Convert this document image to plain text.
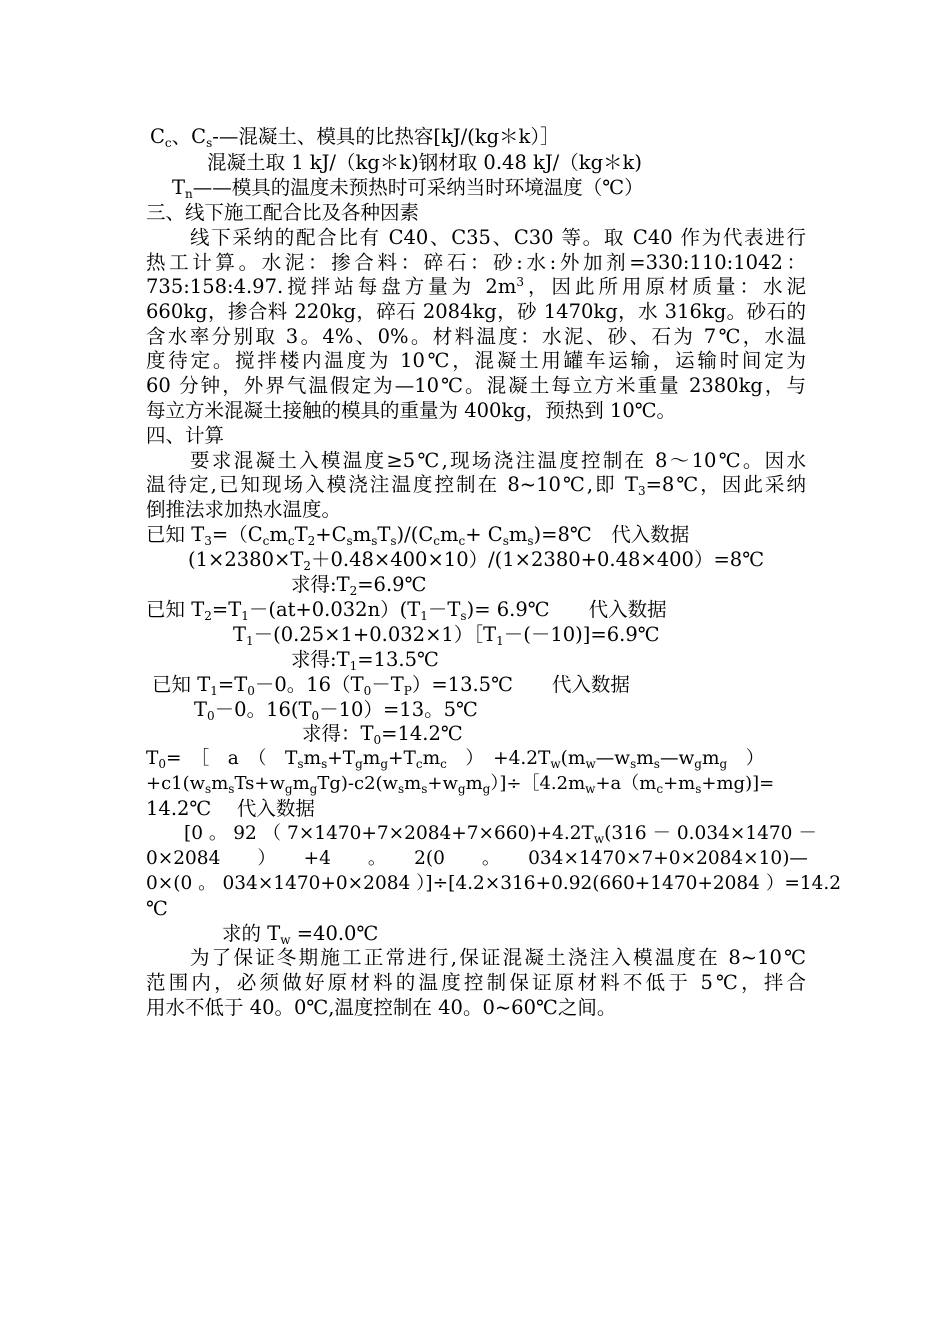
$C_c$、$C_s-—$混凝土、模具的比热容[kJ/(kg＊k）］
混凝土取 1 kJ/（kg＊k)钢材取 0.48 kJ/（kg＊k)
$T_n——$模具的温度未预热时可采纳当时环境温度（℃）
三、线下施工配合比及各种因素
线下采纳的配合比有 C40、C35、C30 等。取 C40 作为代表进行
热工计算。水泥：掺合料：碎石：砂:水:外加剂=330:110:1042：
735:158:4.97.搅拌站每盘方量为 $2m^3$，因此所用原材质量：水泥
660kg，掺合料 220kg，碎石 2084kg，砂 1470kg，水 316kg。砂石的
含水率分别取 3。4%、0%。材料温度：水泥、砂、石为 7℃，水温
度待定。搅拌楼内温度为 10℃，混凝土用罐车运输，运输时间定为
60 分钟，外界气温假定为—10℃。混凝土每立方米重量 2380kg，与
每立方米混凝土接触的模具的重量为 400kg，预热到 10℃。
四、计算
要求混凝土入模温度≥5℃,现场浇注温度控制在 8～10℃。因水
温待定,已知现场入模浇注温度控制在 8~10℃,即 $T_3=8℃$，因此采纳
倒推法求加热水温度。
已知 $T_3=(C_cm_cT_2+C_sm_sT_s)/(C_cm_c+$ $C_sm_s)=8℃$　代入数据
$(1\times 2380\times T_2+0.48\times 400\times 10)/(1\times 2380+0.48\times 400)=8℃$
求得$:T_2=6.9℃$
已知 $T_2=T_1-(at+0.032n)(T_1-T_s)=$ 6.9℃　　代入数据
$T_1-(0.25\times 1+0.032\times 1)[T_1-(-10)]=6.9℃$
求得$:T_1=13.5℃$
已知 $T_1=T_0-0$。$16(T_0-T_P)=13.5℃$　　代入数据
$T_0-0$。$16(T_0-10)=13$。5℃
求得：$T_0=14.2℃$
$T_0=$　［　a　（　$T_sm_s+T_gm_g+T_cm_c$　）　$+4.2T_w(m_w—w_sm_s—w_gm_g$　）
$+c1(w_sm_sTs+w_gm_gTg)-c2(w_sm_s+w_gm_g)]\div[4.2m_w+a(m_c+m_s+mg)]=$
14.2℃　 代入数据
[0 。 92 （ $7\times 1470+7\times 2084+7\times 660)+4.2T_w(316 - 0.034\times 1470$ －
0×2084　　）　　+4　　。　　2(0　　。　　034×1470×7+0×2084×10)—
0×(0 。 034×1470+0×2084 ）]÷[4.2×316+0.92(660+1470+2084 ）=14.2
℃
求的 $T_w$ =40.0℃
为了保证冬期施工正常进行,保证混凝土浇注入模温度在 8~10℃
范围内，必须做好原材料的温度控制保证原材料不低于 5℃，拌合
用水不低于 40。0℃,温度控制在 40。0~60℃之间。
